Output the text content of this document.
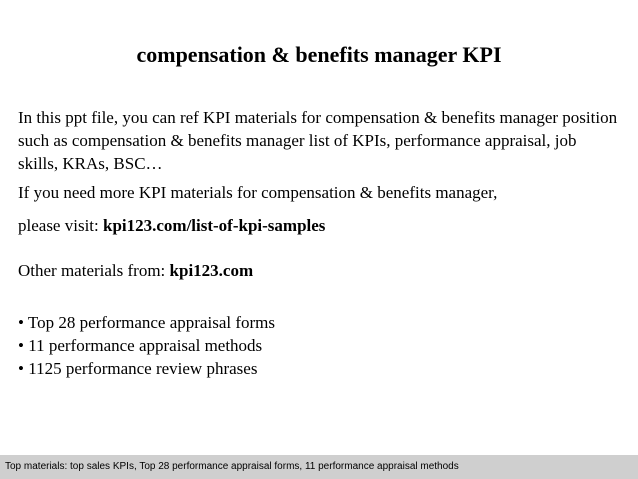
compensation & benefits manager KPI
In this ppt file, you can ref KPI materials for compensation & benefits manager position such as compensation & benefits manager list of KPIs, performance appraisal, job skills, KRAs, BSC…
If you need more KPI materials for compensation & benefits manager,
please visit: kpi123.com/list-of-kpi-samples
Other materials from: kpi123.com
• Top 28 performance appraisal forms
• 11 performance appraisal methods
• 1125 performance review phrases
Top materials: top sales KPIs, Top 28 performance appraisal forms, 11 performance appraisal methods
